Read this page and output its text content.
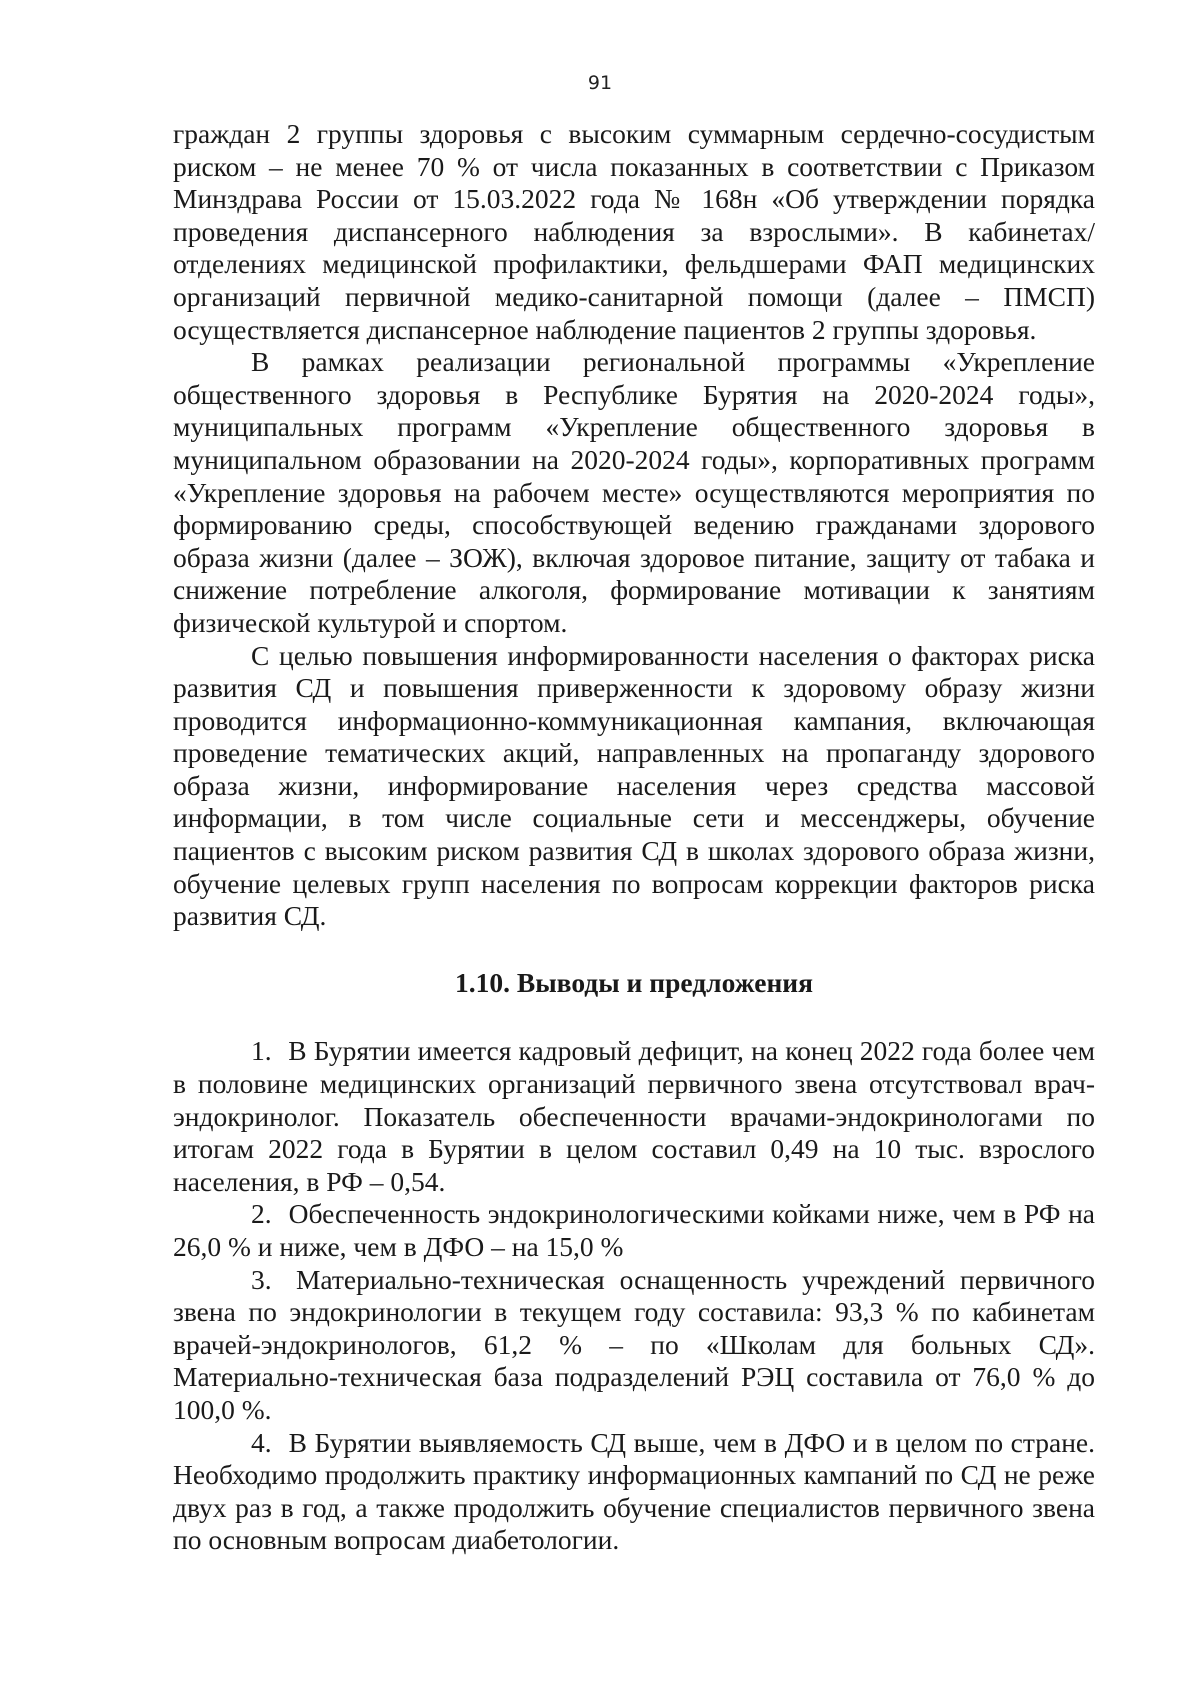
91

граждан 2 группы здоровья с высоким суммарным сердечно-сосудистым риском – не менее 70 % от числа показанных в соответствии с Приказом Минздрава России от 15.03.2022 года № 168н «Об утверждении порядка проведения диспансерного наблюдения за взрослыми». В кабинетах/отделениях медицинской профилактики, фельдшерами ФАП медицинских организаций первичной медико-санитарной помощи (далее – ПМСП) осуществляется диспансерное наблюдение пациентов 2 группы здоровья.

В рамках реализации региональной программы «Укрепление общественного здоровья в Республике Бурятия на 2020-2024 годы», муниципальных программ «Укрепление общественного здоровья в муниципальном образовании на 2020-2024 годы», корпоративных программ «Укрепление здоровья на рабочем месте» осуществляются мероприятия по формированию среды, способствующей ведению гражданами здорового образа жизни (далее – ЗОЖ), включая здоровое питание, защиту от табака и снижение потребление алкоголя, формирование мотивации к занятиям физической культурой и спортом.

С целью повышения информированности населения о факторах риска развития СД и повышения приверженности к здоровому образу жизни проводится информационно-коммуникационная кампания, включающая проведение тематических акций, направленных на пропаганду здорового образа жизни, информирование населения через средства массовой информации, в том числе социальные сети и мессенджеры, обучение пациентов с высоким риском развития СД в школах здорового образа жизни, обучение целевых групп населения по вопросам коррекции факторов риска развития СД.

1.10. Выводы и предложения

1. В Бурятии имеется кадровый дефицит, на конец 2022 года более чем в половине медицинских организаций первичного звена отсутствовал врач-эндокринолог. Показатель обеспеченности врачами-эндокринологами по итогам 2022 года в Бурятии в целом составил 0,49 на 10 тыс. взрослого населения, в РФ – 0,54.

2. Обеспеченность эндокринологическими койками ниже, чем в РФ на 26,0 % и ниже, чем в ДФО – на 15,0 %

3. Материально-техническая оснащенность учреждений первичного звена по эндокринологии в текущем году составила: 93,3 % по кабинетам врачей-эндокринологов, 61,2 % – по «Школам для больных СД». Материально-техническая база подразделений РЭЦ составила от 76,0 % до 100,0 %.

4. В Бурятии выявляемость СД выше, чем в ДФО и в целом по стране. Необходимо продолжить практику информационных кампаний по СД не реже двух раз в год, а также продолжить обучение специалистов первичного звена по основным вопросам диабетологии.
